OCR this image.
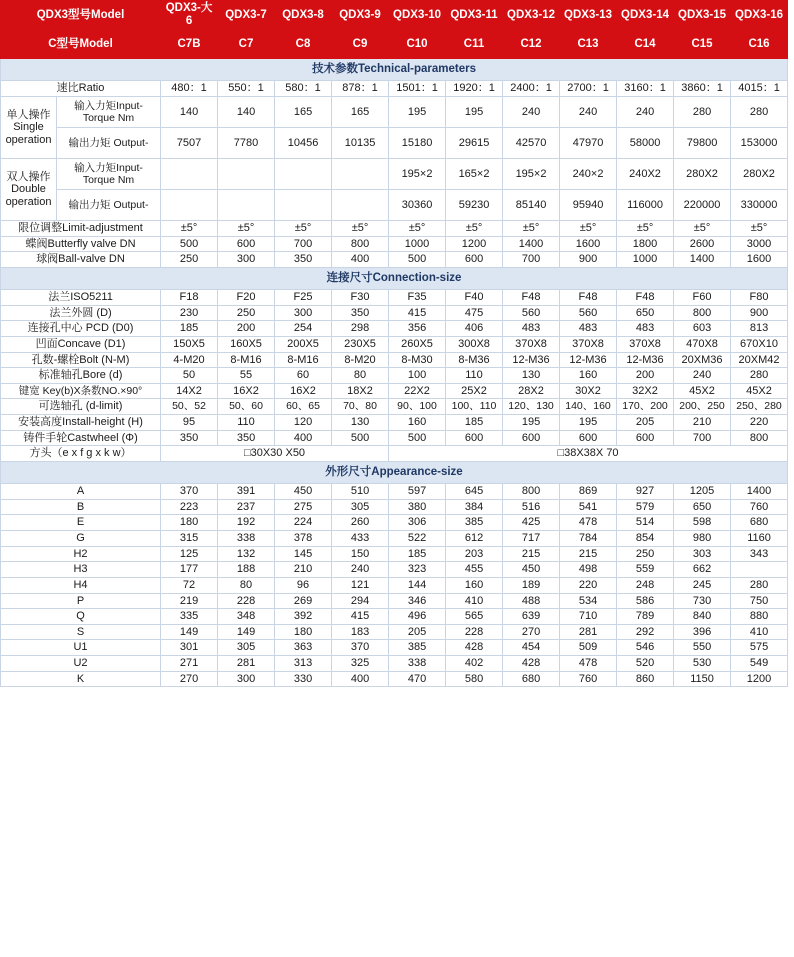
QDX3型号Model		QDX3-大6	QDX3-7	QDX3-8	QDX3-9	QDX3-10	QDX3-11	QDX3-12	QDX3-13	QDX3-14	QDX3-15	QDX3-16
C型号Model		C7B	C7	C8	C9	C10	C11	C12	C13	C14	C15	C16
技术参数Technical-parameters												
速比Ratio		480：1	550：1	580：1	878：1	1501：1	1920：1	2400：1	2700：1	3160：1	3860：1	4015：1
单人操作 Single operation	输入力矩Input-Torque Nm	140	140	165	165	195	195	240	240	240	280	280
	输出力矩 Output-	7507	7780	10456	10135	15180	29615	42570	47970	58000	79800	153000
双人操作 Double operation	输入力矩Input-Torque Nm					195×2	165×2	195×2	240×2	240X2	280X2	280X2
	输出力矩 Output-					30360	59230	85140	95940	116000	220000	330000
限位调整Limit-adjustment		±5°	±5°	±5°	±5°	±5°	±5°	±5°	±5°	±5°	±5°	±5°
蝶阀Butterfly valve DN		500	600	700	800	1000	1200	1400	1600	1800	2600	3000
球阀Ball-valve DN		250	300	350	400	500	600	700	900	1000	1400	1600
连接尺寸Connection-size												
法兰ISO5211		F18	F20	F25	F30	F35	F40	F48	F48	F48	F60	F80
法兰外圆 (D)		230	250	300	350	415	475	560	560	650	800	900
连接孔中心 PCD (D0)		185	200	254	298	356	406	483	483	483	603	813
凹面Concave (D1)		150X5	160X5	200X5	230X5	260X5	300X8	370X8	370X8	370X8	470X8	670X10
孔数-螺栓Bolt (N-M)		4-M20	8-M16	8-M16	8-M20	8-M30	8-M36	12-M36	12-M36	12-M36	20XM36	20XM42
标准轴孔Bore (d)		50	55	60	80	100	110	130	160	200	240	280
键宽 Key(b)X条数NO.×90°		14X2	16X2	16X2	18X2	22X2	25X2	28X2	30X2	32X2	45X2	45X2
可选轴孔 (d-limit)		50、52	50、60	60、65	70、80	90、100	100、110	120、130	140、160	170、200	200、250	250、280
安装高度Install-height (H)		95	110	120	130	160	185	195	195	205	210	220
铸件手轮Castwheel (Φ)		350	350	400	500	500	600	600	600	600	700	800
方头（e x f g x k w）		□30X30 X50				□38X38X 70						
外形尺寸Appearance-size												
A		370	391	450	510	597	645	800	869	927	1205	1400
B		223	237	275	305	380	384	516	541	579	650	760
E		180	192	224	260	306	385	425	478	514	598	680
G		315	338	378	433	522	612	717	784	854	980	1160
H2		125	132	145	150	185	203	215	215	250	303	343
H3		177	188	210	240	323	455	450	498	559	662	
H4		72	80	96	121	144	160	189	220	248	245	280
P		219	228	269	294	346	410	488	534	586	730	750
Q		335	348	392	415	496	565	639	710	789	840	880
S		149	149	180	183	205	228	270	281	292	396	410
U1		301	305	363	370	385	428	454	509	546	550	575
U2		271	281	313	325	338	402	428	478	520	530	549
K		270	300	330	400	470	580	680	760	860	1150	1200
